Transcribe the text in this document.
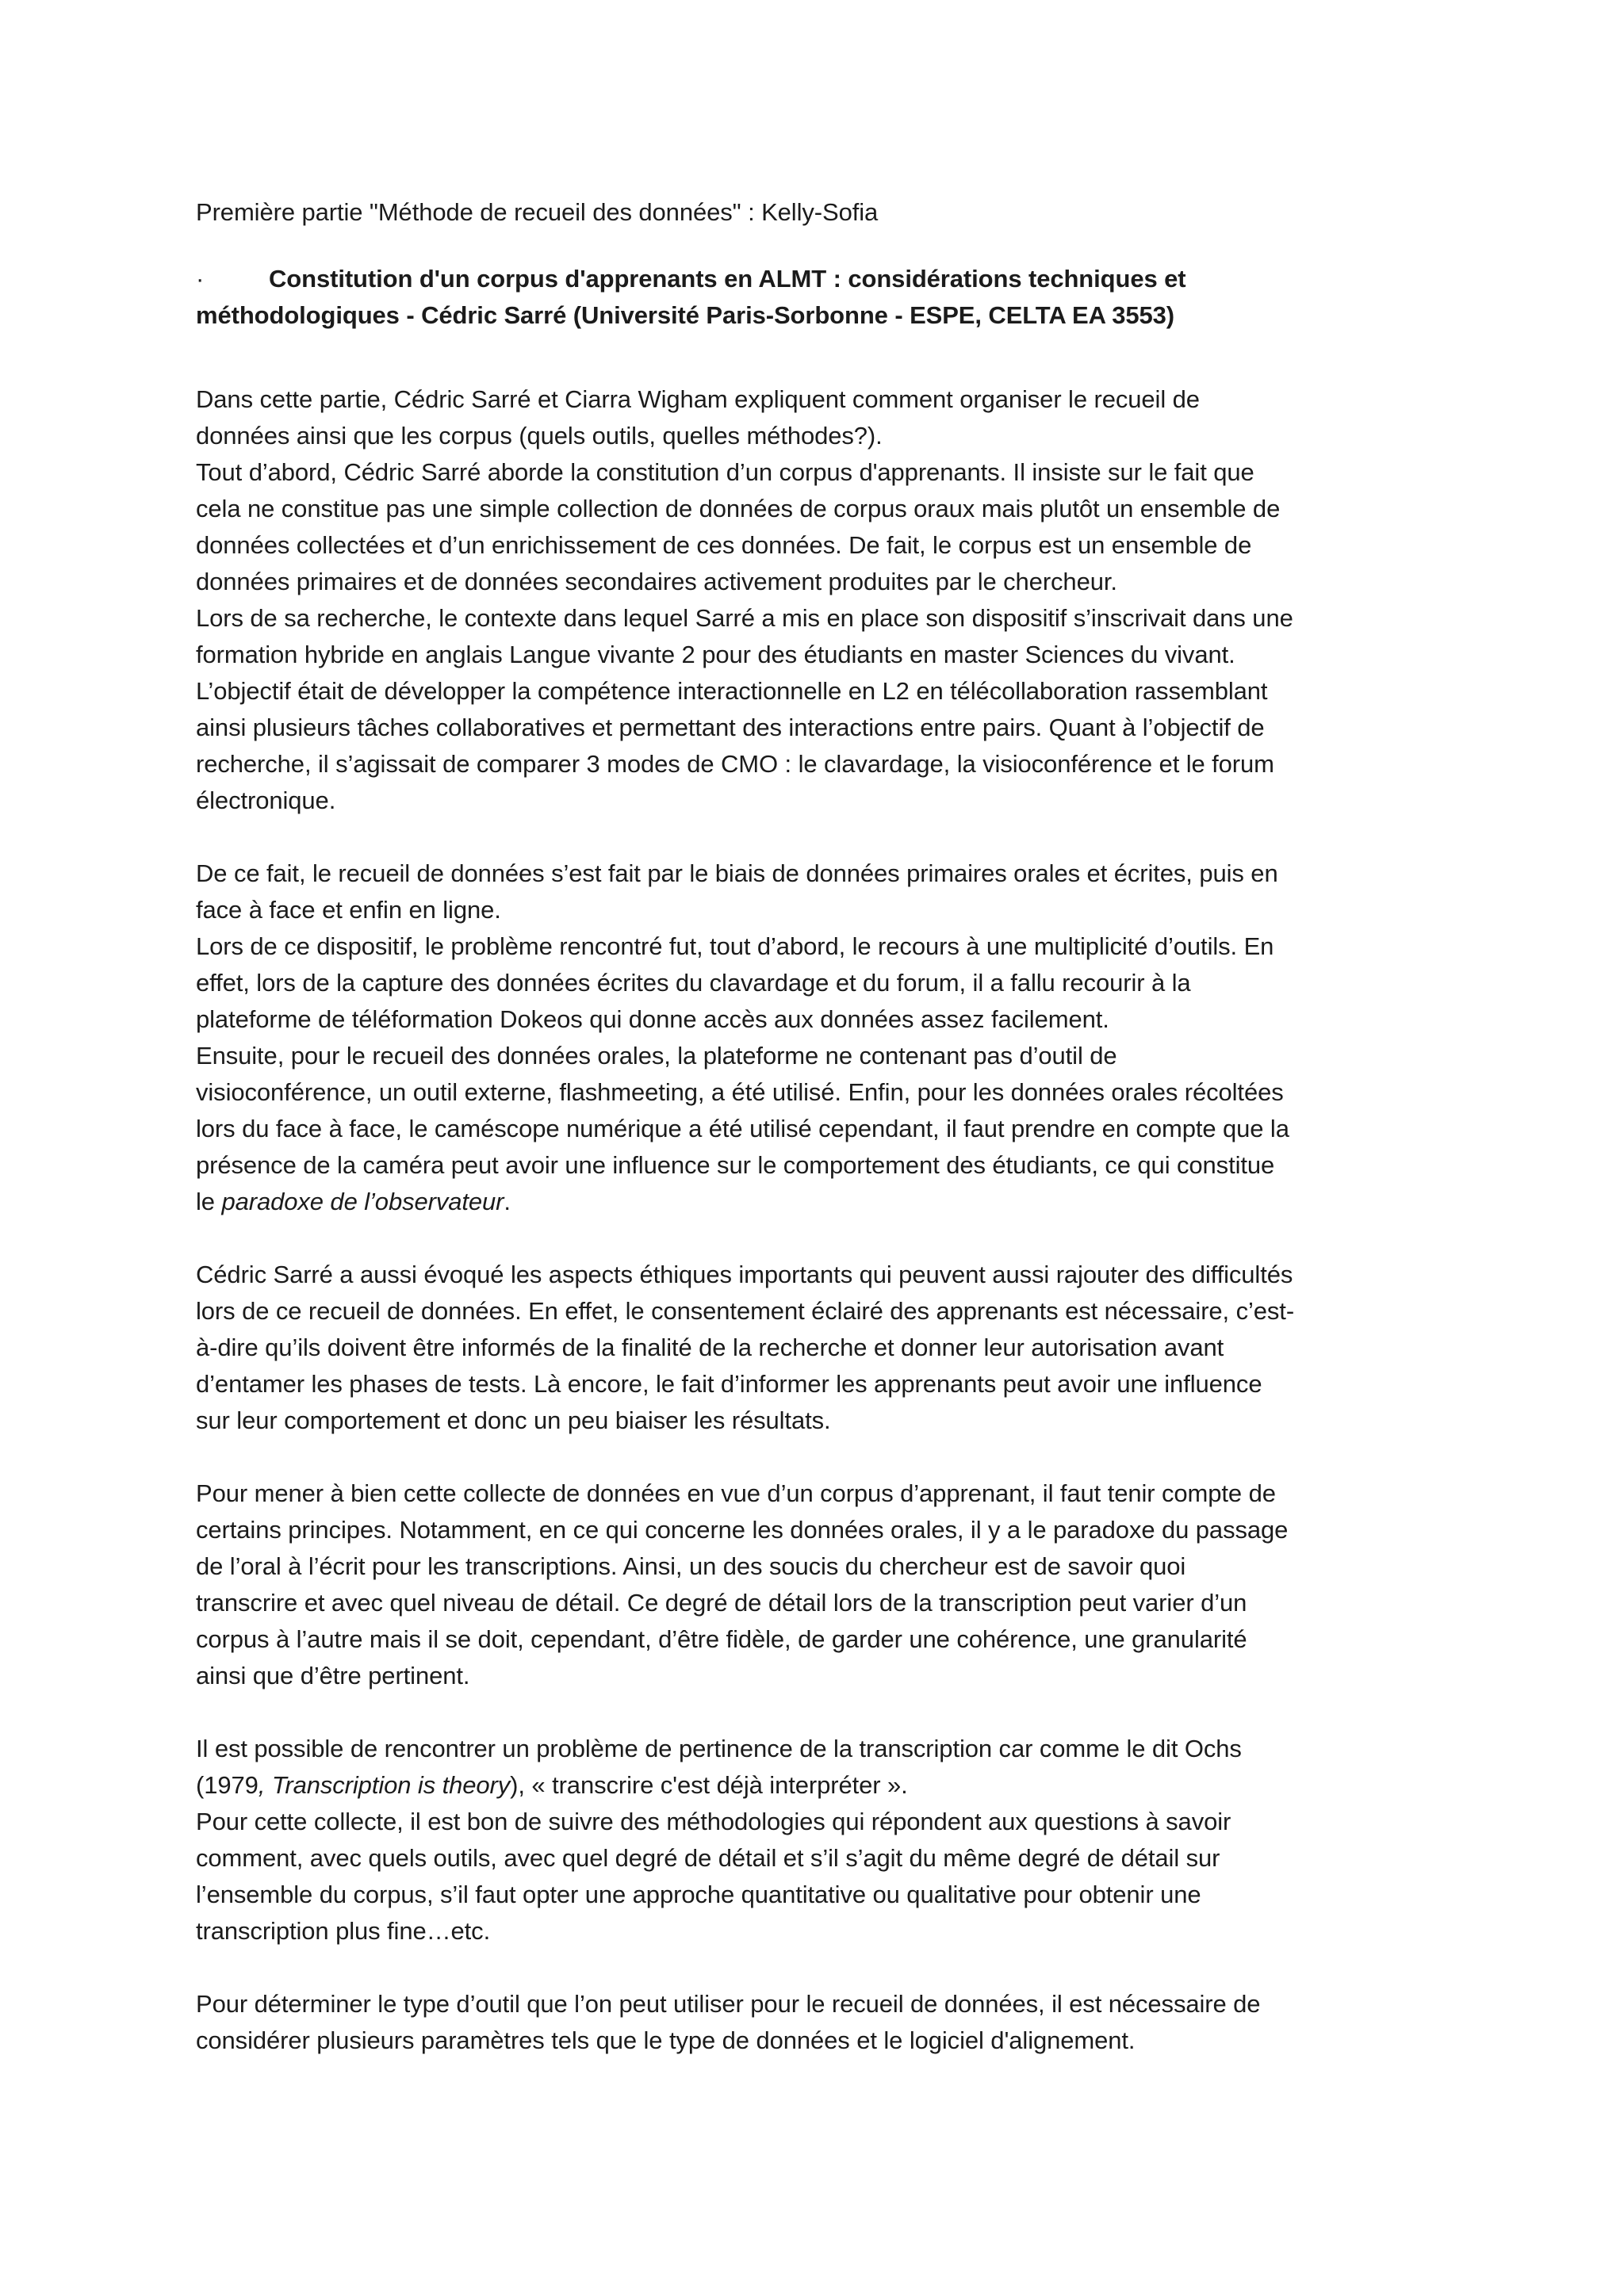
Première partie "Méthode de recueil des données" : Kelly-Sofia

·	Constitution d'un corpus d'apprenants en ALMT : considérations techniques et
méthodologiques - Cédric Sarré (Université Paris-Sorbonne - ESPE, CELTA EA 3553)
Dans cette partie, Cédric Sarré et Ciarra Wigham expliquent comment organiser le recueil de
données ainsi que les corpus (quels outils, quelles méthodes?).
Tout d’abord, Cédric Sarré aborde la constitution d’un corpus d'apprenants. Il insiste sur le fait que
cela ne constitue pas une simple collection de données de corpus oraux mais plutôt un ensemble de
données collectées et d’un enrichissement de ces données. De fait, le corpus est un ensemble de
données primaires et de données secondaires activement produites par le chercheur.
Lors de sa recherche, le contexte dans lequel Sarré a mis en place son dispositif s’inscrivait dans une
formation hybride en anglais Langue vivante 2 pour des étudiants en master Sciences du vivant.
L’objectif était de développer la compétence interactionnelle en L2 en télécollaboration rassemblant
ainsi plusieurs tâches collaboratives et permettant des interactions entre pairs. Quant à l’objectif de
recherche, il s’agissait de comparer 3 modes de CMO : le clavardage, la visioconférence et le forum
électronique.
De ce fait, le recueil de données s’est fait par le biais de données primaires orales et écrites, puis en
face à face et enfin en ligne.
Lors de ce dispositif, le problème rencontré fut, tout d’abord, le recours à une multiplicité d’outils. En
effet, lors de la capture des données écrites du clavardage et du forum, il a fallu recourir à la
plateforme de téléformation Dokeos qui donne accès aux données assez facilement.
Ensuite, pour le recueil des données orales, la plateforme ne contenant pas d’outil de
visioconférence, un outil externe, flashmeeting, a été utilisé. Enfin, pour les données orales récoltées
lors du face à face, le caméscope numérique a été utilisé cependant, il faut prendre en compte que la
présence de la caméra peut avoir une influence sur le comportement des étudiants, ce qui constitue
le paradoxe de l’observateur.
Cédric Sarré a aussi évoqué les aspects éthiques importants qui peuvent aussi rajouter des difficultés
lors de ce recueil de données. En effet, le consentement éclairé des apprenants est nécessaire, c’est-
à-dire qu’ils doivent être informés de la finalité de la recherche et donner leur autorisation avant
d’entamer les phases de tests. Là encore, le fait d’informer les apprenants peut avoir une influence
sur leur comportement et donc un peu biaiser les résultats.
Pour mener à bien cette collecte de données en vue d’un corpus d’apprenant, il faut tenir compte de
certains principes. Notamment, en ce qui concerne les données orales, il y a le paradoxe du passage
de l’oral à l’écrit pour les transcriptions. Ainsi, un des soucis du chercheur est de savoir quoi
transcrire et avec quel niveau de détail. Ce degré de détail lors de la transcription peut varier d’un
corpus à l’autre mais il se doit, cependant, d’être fidèle, de garder une cohérence, une granularité
ainsi que d’être pertinent.
Il est possible de rencontrer un problème de pertinence de la transcription car comme le dit Ochs
(1979, Transcription is theory), « transcrire c'est déjà interpréter ».
Pour cette collecte, il est bon de suivre des méthodologies qui répondent aux questions à savoir
comment, avec quels outils, avec quel degré de détail et s’il s’agit du même degré de détail sur
l’ensemble du corpus, s’il faut opter une approche quantitative ou qualitative pour obtenir une
transcription plus fine…etc.
Pour déterminer le type d’outil que l’on peut utiliser pour le recueil de données, il est nécessaire de
considérer plusieurs paramètres tels que le type de données et le logiciel d'alignement.
